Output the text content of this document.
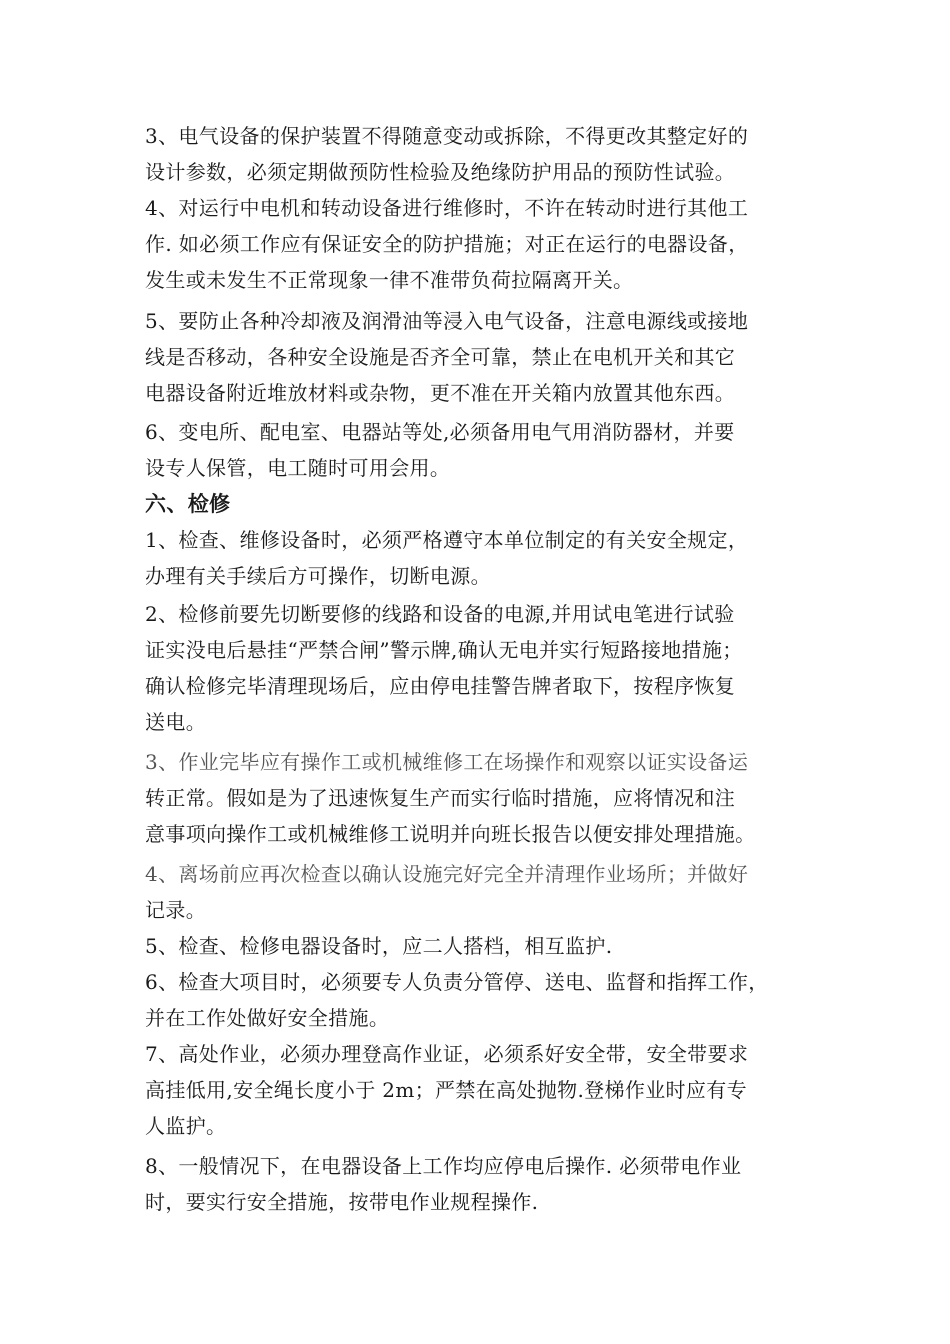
3、电气设备的保护装置不得随意变动或拆除，不得更改其整定好的
设计参数，必须定期做预防性检验及绝缘防护用品的预防性试验。
4、对运行中电机和转动设备进行维修时，不许在转动时进行其他工
作. 如必须工作应有保证安全的防护措施；对正在运行的电器设备，
发生或未发生不正常现象一律不准带负荷拉隔离开关。
5、要防止各种冷却液及润滑油等浸入电气设备，注意电源线或接地
线是否移动，各种安全设施是否齐全可靠，禁止在电机开关和其它
电器设备附近堆放材料或杂物，更不准在开关箱内放置其他东西。
6、变电所、配电室、电器站等处,必须备用电气用消防器材，并要
设专人保管，电工随时可用会用。
六、检修
1、检查、维修设备时，必须严格遵守本单位制定的有关安全规定，
办理有关手续后方可操作，切断电源。
2、检修前要先切断要修的线路和设备的电源,并用试电笔进行试验
证实没电后悬挂“严禁合闸”警示牌,确认无电并实行短路接地措施；
确认检修完毕清理现场后，应由停电挂警告牌者取下，按程序恢复
送电。
3、作业完毕应有操作工或机械维修工在场操作和观察以证实设备运
转正常。假如是为了迅速恢复生产而实行临时措施，应将情况和注
意事项向操作工或机械维修工说明并向班长报告以便安排处理措施。
4、离场前应再次检查以确认设施完好完全并清理作业场所；并做好
记录。
5、检查、检修电器设备时，应二人搭档，相互监护.
6、检查大项目时，必须要专人负责分管停、送电、监督和指挥工作，
并在工作处做好安全措施。
7、高处作业，必须办理登高作业证，必须系好安全带，安全带要求
高挂低用,安全绳长度小于 2m；严禁在高处抛物.登梯作业时应有专
人监护。
8、一般情况下，在电器设备上工作均应停电后操作. 必须带电作业
时，要实行安全措施，按带电作业规程操作.
